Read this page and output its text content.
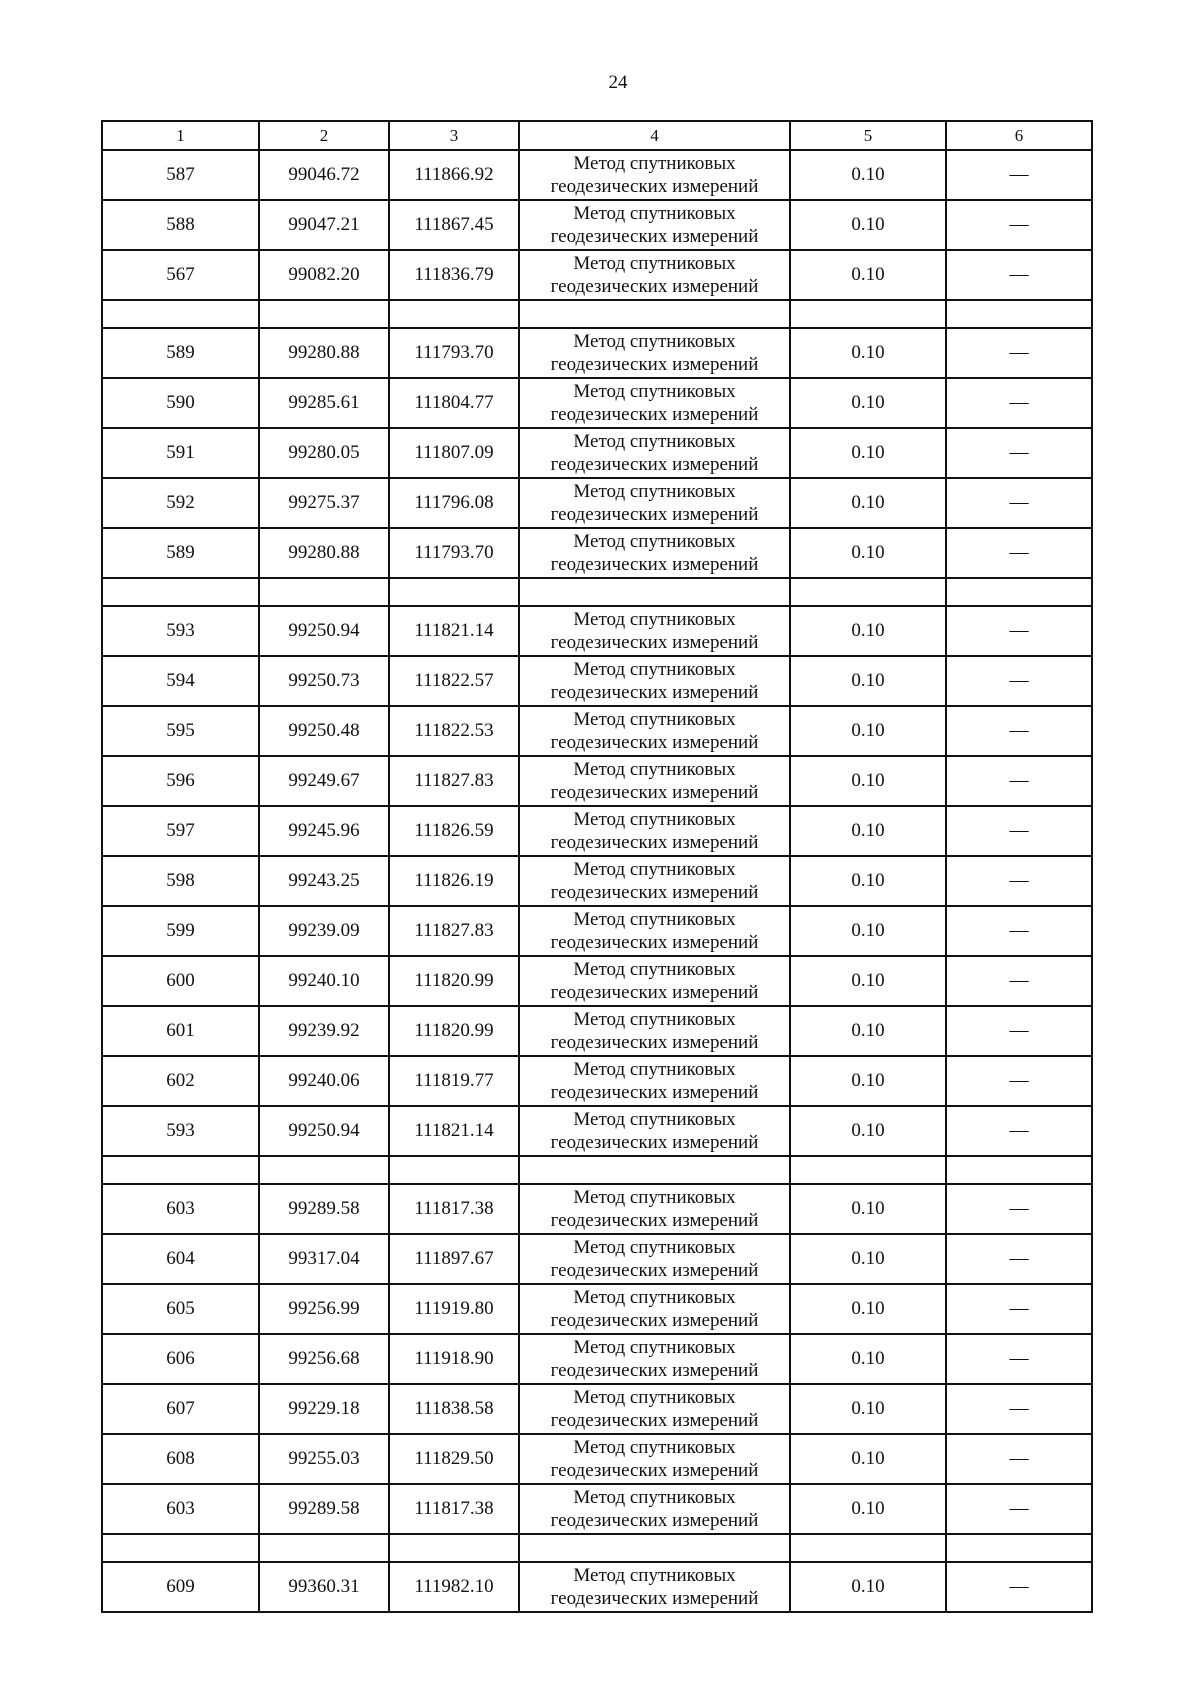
24
1	2	3	4	5	6
587	99046.72	111866.92	Метод спутниковых
геодезических измерений	0.10	—
588	99047.21	111867.45	Метод спутниковых
геодезических измерений	0.10	—
567	99082.20	111836.79	Метод спутниковых
геодезических измерений	0.10	—

589	99280.88	111793.70	Метод спутниковых
геодезических измерений	0.10	—
590	99285.61	111804.77	Метод спутниковых
геодезических измерений	0.10	—
591	99280.05	111807.09	Метод спутниковых
геодезических измерений	0.10	—
592	99275.37	111796.08	Метод спутниковых
геодезических измерений	0.10	—
589	99280.88	111793.70	Метод спутниковых
геодезических измерений	0.10	—

593	99250.94	111821.14	Метод спутниковых
геодезических измерений	0.10	—
594	99250.73	111822.57	Метод спутниковых
геодезических измерений	0.10	—
595	99250.48	111822.53	Метод спутниковых
геодезических измерений	0.10	—
596	99249.67	111827.83	Метод спутниковых
геодезических измерений	0.10	—
597	99245.96	111826.59	Метод спутниковых
геодезических измерений	0.10	—
598	99243.25	111826.19	Метод спутниковых
геодезических измерений	0.10	—
599	99239.09	111827.83	Метод спутниковых
геодезических измерений	0.10	—
600	99240.10	111820.99	Метод спутниковых
геодезических измерений	0.10	—
601	99239.92	111820.99	Метод спутниковых
геодезических измерений	0.10	—
602	99240.06	111819.77	Метод спутниковых
геодезических измерений	0.10	—
593	99250.94	111821.14	Метод спутниковых
геодезических измерений	0.10	—

603	99289.58	111817.38	Метод спутниковых
геодезических измерений	0.10	—
604	99317.04	111897.67	Метод спутниковых
геодезических измерений	0.10	—
605	99256.99	111919.80	Метод спутниковых
геодезических измерений	0.10	—
606	99256.68	111918.90	Метод спутниковых
геодезических измерений	0.10	—
607	99229.18	111838.58	Метод спутниковых
геодезических измерений	0.10	—
608	99255.03	111829.50	Метод спутниковых
геодезических измерений	0.10	—
603	99289.58	111817.38	Метод спутниковых
геодезических измерений	0.10	—

609	99360.31	111982.10	Метод спутниковых
геодезических измерений	0.10	—
